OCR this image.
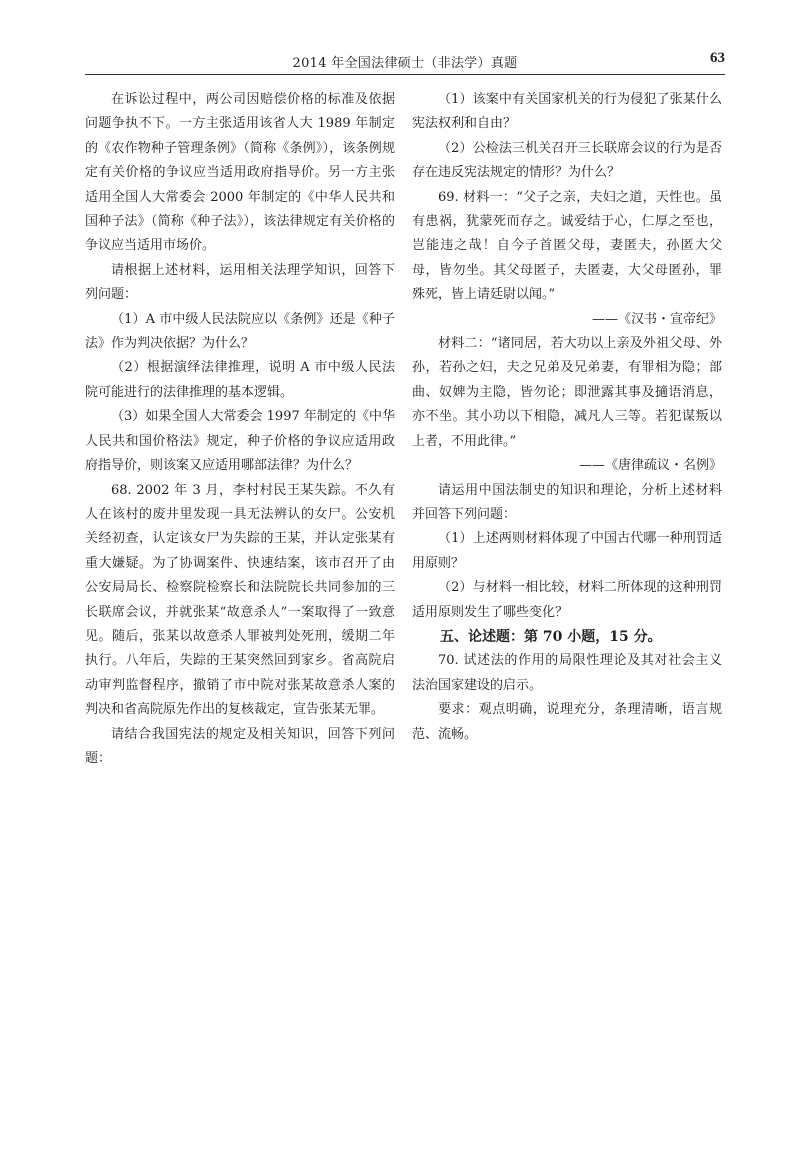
2014 年全国法律硕士（非法学）真题	63

在诉讼过程中，两公司因赔偿价格的标准及依据问题争执不下。一方主张适用该省人大 1989 年制定的《农作物种子管理条例》（简称《条例》），该条例规定有关价格的争议应当适用政府指导价。另一方主张适用全国人大常委会 2000 年制定的《中华人民共和国种子法》（简称《种子法》），该法律规定有关价格的争议应当适用市场价。

请根据上述材料，运用相关法理学知识，回答下列问题：

（1）A 市中级人民法院应以《条例》还是《种子法》作为判决依据？为什么？

（2）根据演绎法律推理，说明 A 市中级人民法院可能进行的法律推理的基本逻辑。

（3）如果全国人大常委会 1997 年制定的《中华人民共和国价格法》规定，种子价格的争议应适用政府指导价，则该案又应适用哪部法律？为什么？

68. 2002 年 3 月，李村村民王某失踪。不久有人在该村的废井里发现一具无法辨认的女尸。公安机关经初查，认定该女尸为失踪的王某，并认定张某有重大嫌疑。为了协调案件、快速结案，该市召开了由公安局局长、检察院检察长和法院院长共同参加的三长联席会议，并就张某“故意杀人”一案取得了一致意见。随后，张某以故意杀人罪被判处死刑，缓期二年执行。八年后，失踪的王某突然回到家乡。省高院启动审判监督程序，撤销了市中院对张某故意杀人案的判决和省高院原先作出的复核裁定，宣告张某无罪。

请结合我国宪法的规定及相关知识，回答下列问题：

（1）该案中有关国家机关的行为侵犯了张某什么宪法权利和自由？

（2）公检法三机关召开三长联席会议的行为是否存在违反宪法规定的情形？为什么？

69. 材料一：“父子之亲，夫妇之道，天性也。虽有患祸，犹蒙死而存之。诚爱结于心，仁厚之至也，岂能违之哉！自今子首匿父母，妻匿夫，孙匿大父母，皆勿坐。其父母匿子，夫匿妻，大父母匿孙，罪殊死，皆上请廷尉以闻。”

——《汉书・宣帝纪》

材料二：“诸同居，若大功以上亲及外祖父母、外孙，若孙之妇，夫之兄弟及兄弟妻，有罪相为隐；部曲、奴婢为主隐，皆勿论；即泄露其事及擿语消息，亦不坐。其小功以下相隐，减凡人三等。若犯谋叛以上者，不用此律。”

——《唐律疏议・名例》

请运用中国法制史的知识和理论，分析上述材料并回答下列问题：

（1）上述两则材料体现了中国古代哪一种刑罚适用原则？

（2）与材料一相比较，材料二所体现的这种刑罚适用原则发生了哪些变化？

五、论述题：第 70 小题，15 分。

70. 试述法的作用的局限性理论及其对社会主义法治国家建设的启示。

要求：观点明确，说理充分，条理清晰，语言规范、流畅。
